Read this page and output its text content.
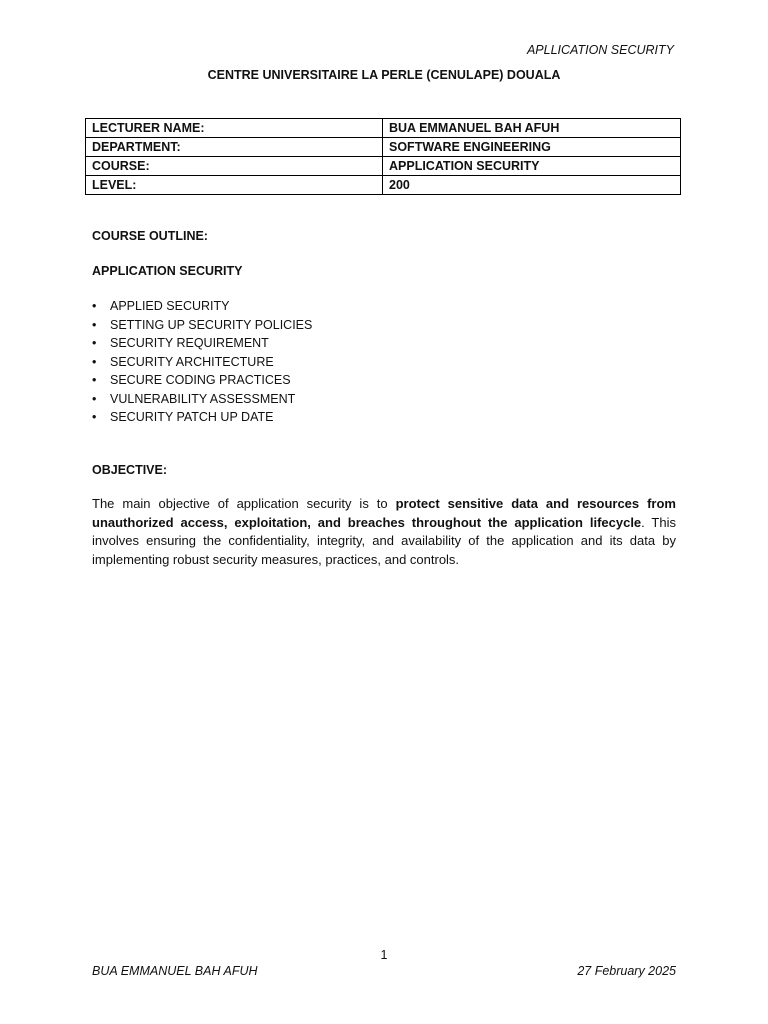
APLLICATION SECURITY
CENTRE UNIVERSITAIRE LA PERLE (CENULAPE) DOUALA
LECTURER NAME:	BUA EMMANUEL BAH AFUH
DEPARTMENT:	SOFTWARE ENGINEERING
COURSE:	APPLICATION SECURITY
LEVEL:	200
COURSE OUTLINE:
APPLICATION SECURITY
• APPLIED SECURITY
• SETTING UP SECURITY POLICIES
• SECURITY REQUIREMENT
• SECURITY ARCHITECTURE
• SECURE CODING PRACTICES
• VULNERABILITY ASSESSMENT
• SECURITY PATCH UP DATE
OBJECTIVE:

The main objective of application security is to protect sensitive data and resources from unauthorized access, exploitation, and breaches throughout the application lifecycle. This involves ensuring the confidentiality, integrity, and availability of the application and its data by implementing robust security measures, practices, and controls.

1
BUA EMMANUEL BAH AFUH	27 February 2025
